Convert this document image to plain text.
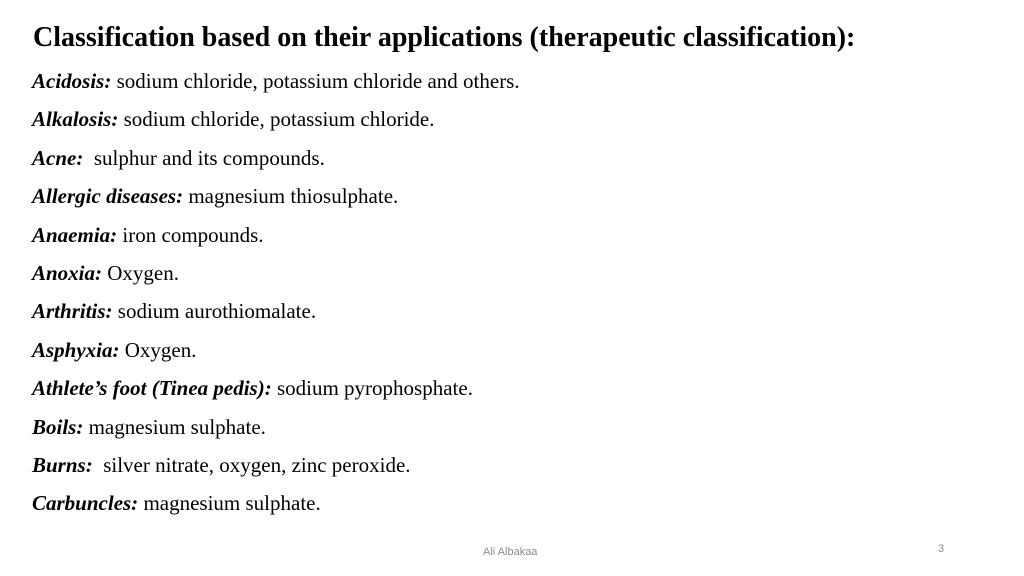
Classification based on their applications (therapeutic classification):
Acidosis: sodium chloride, potassium chloride and others.
Alkalosis: sodium chloride, potassium chloride.
Acne:  sulphur and its compounds.
Allergic diseases: magnesium thiosulphate.
Anaemia: iron compounds.
Anoxia: Oxygen.
Arthritis: sodium aurothiomalate.
Asphyxia: Oxygen.
Athlete’s foot (Tinea pedis): sodium pyrophosphate.
Boils: magnesium sulphate.
Burns:  silver nitrate, oxygen, zinc peroxide.
Carbuncles: magnesium sulphate.
Ali Albakaa	3
